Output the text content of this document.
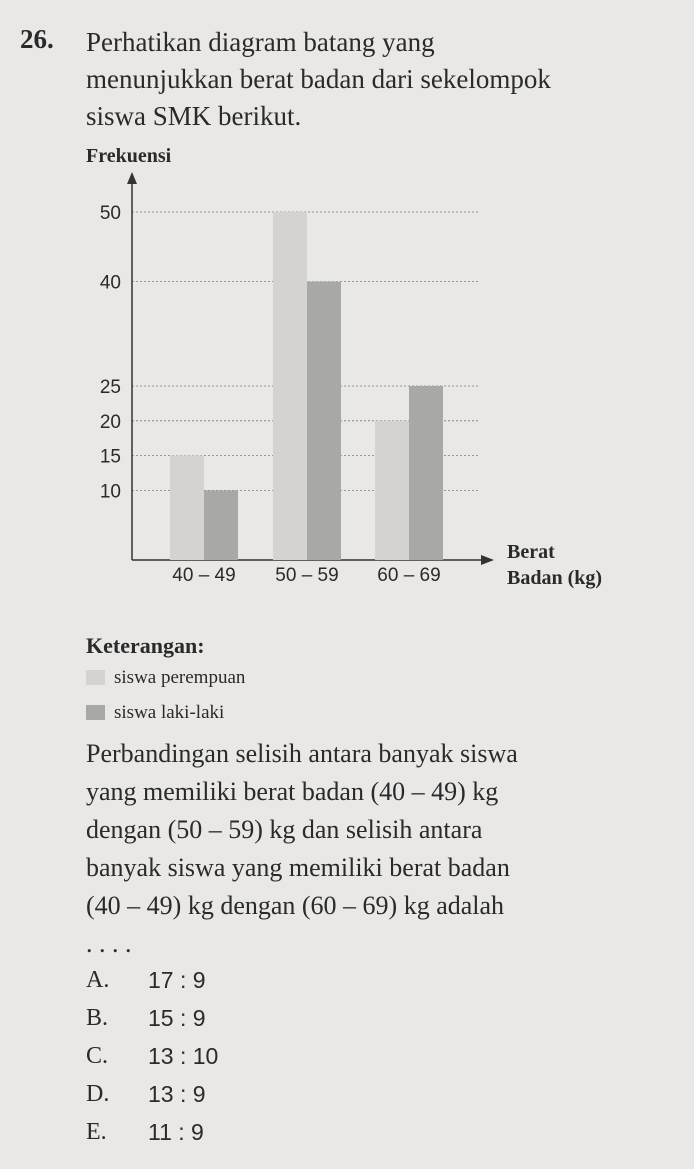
26. Perhatikan diagram batang yang
menunjukkan berat badan dari sekelompok
siswa SMK berikut.
Frekuensi
10
15
20
25
40
50
40 – 49 50 – 59 60 – 69
Berat
Badan (kg)
Keterangan:
siswa perempuan
siswa laki-laki
Perbandingan selisih antara banyak siswa
yang memiliki berat badan (40 – 49) kg
dengan (50 – 59) kg dan selisih antara
banyak siswa yang memiliki berat badan
(40 – 49) kg dengan (60 – 69) kg adalah
. . . .
A. 17 : 9
B. 15 : 9
C. 13 : 10
D. 13 : 9
E. 11 : 9
